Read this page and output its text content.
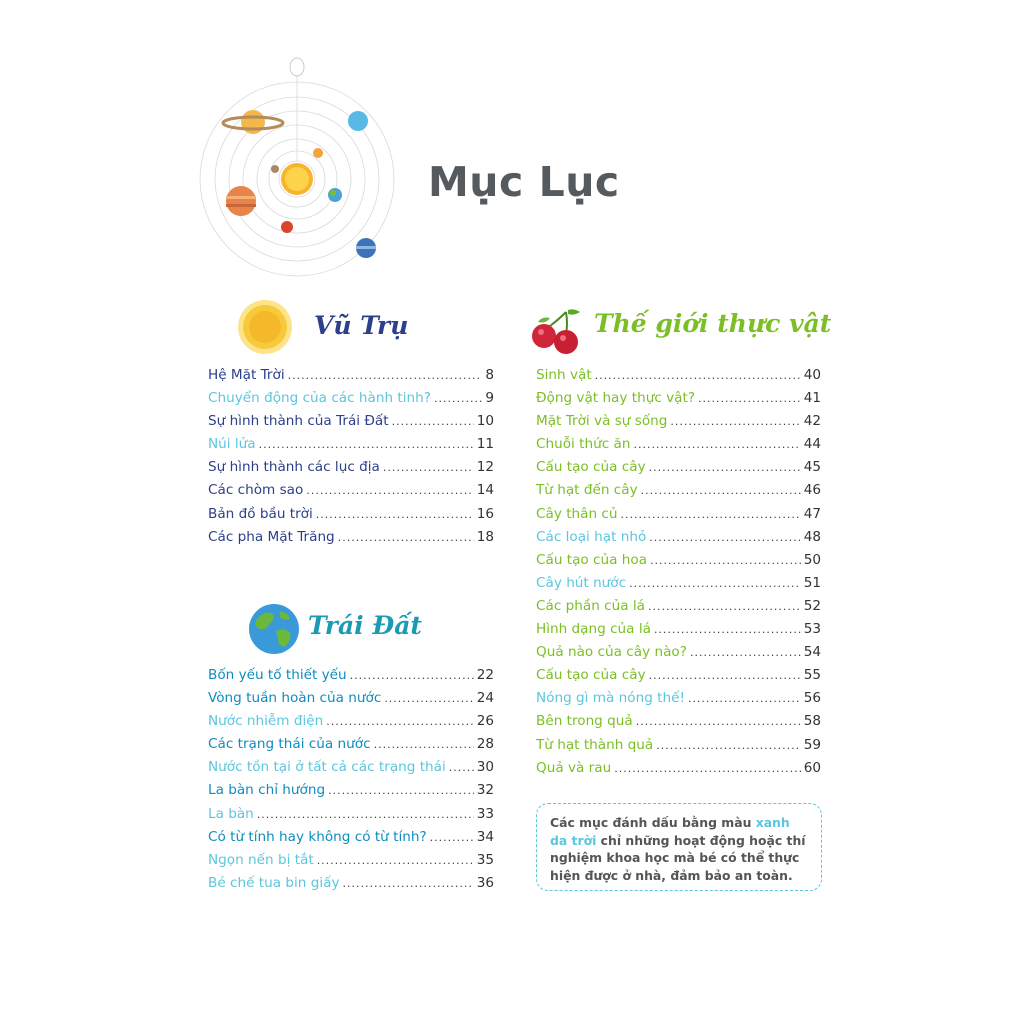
Mục Lục
Vũ Trụ
Hệ Mặt Trời .....	8
Chuyển động của các hành tinh? .....	9
Sự hình thành của Trái Đất .....	10
Núi lửa .....	11
Sự hình thành các lục địa .....	12
Các chòm sao .....	14
Bản đồ bầu trời .....	16
Các pha Mặt Trăng .....	18
Trái Đất
Bốn yếu tố thiết yếu .....	22
Vòng tuần hoàn của nước .....	24
Nước nhiễm điện .....	26
Các trạng thái của nước .....	28
Nước tồn tại ở tất cả các trạng thái ..... 30
La bàn chỉ hướng .....	32
La bàn .....	33
Có từ tính hay không có từ tính? .....	34
Ngọn nến bị tắt .....	35
Bé chế tua bin giấy .....	36
Thế giới thực vật
Sinh vật .....	40
Động vật hay thực vật? .....	41
Mặt Trời và sự sống .....	42
Chuỗi thức ăn .....	44
Cấu tạo của cây .....	45
Từ hạt đến cây .....	46
Cây thân củ .....	47
Các loại hạt nhỏ .....	48
Cấu tạo của hoa .....	50
Cây hút nước .....	51
Các phần của lá .....	52
Hình dạng của lá .....	53
Quả nào của cây nào? .....	54
Cấu tạo của cây .....	55
Nóng gì mà nóng thế! .....	56
Bên trong quả .....	58
Từ hạt thành quả .....	59
Quả và rau .....	60
Các mục đánh dấu bằng màu xanh da trời chỉ những hoạt động hoặc thí nghiệm khoa học mà bé có thể thực hiện được ở nhà, đảm bảo an toàn.
